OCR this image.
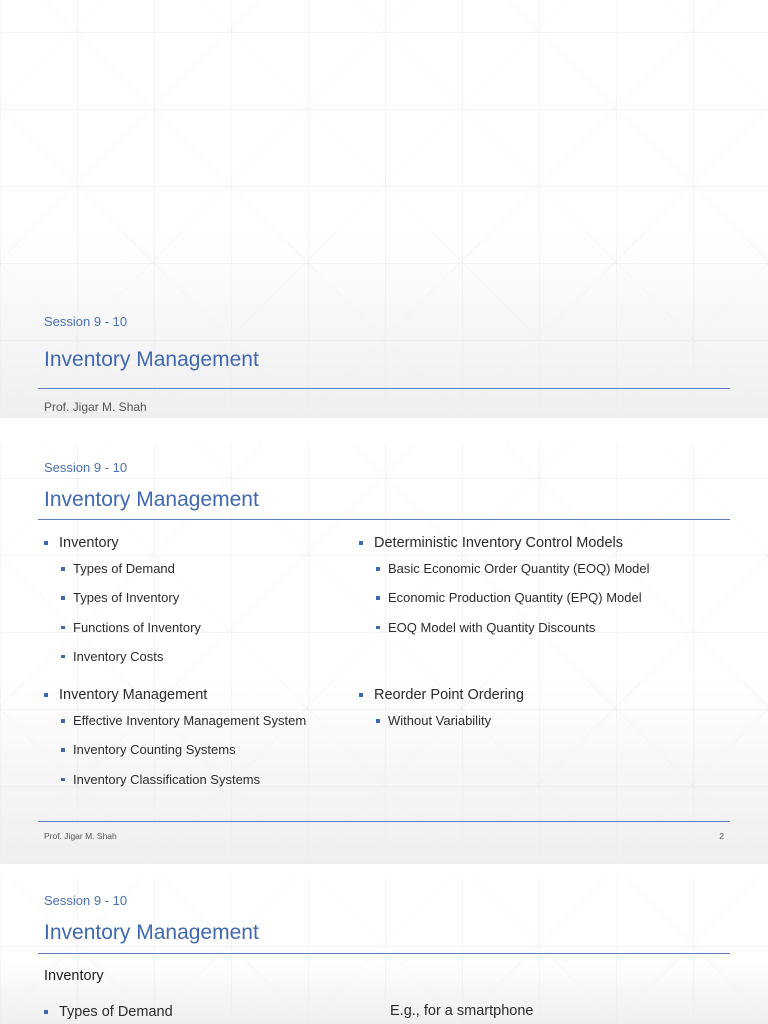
Session 9 - 10
Inventory Management
Prof. Jigar M. Shah
Session 9 - 10
Inventory Management
Inventory
Types of Demand
Types of Inventory
Functions of Inventory
Inventory Costs
Inventory Management
Effective Inventory Management System
Inventory Counting Systems
Inventory Classification Systems
Deterministic Inventory Control Models
Basic Economic Order Quantity (EOQ) Model
Economic Production Quantity (EPQ) Model
EOQ Model with Quantity Discounts
Reorder Point Ordering
Without Variability
Prof. Jigar M. Shah	2
Session 9 - 10
Inventory Management
Inventory
Types of Demand	E.g., for a smartphone
